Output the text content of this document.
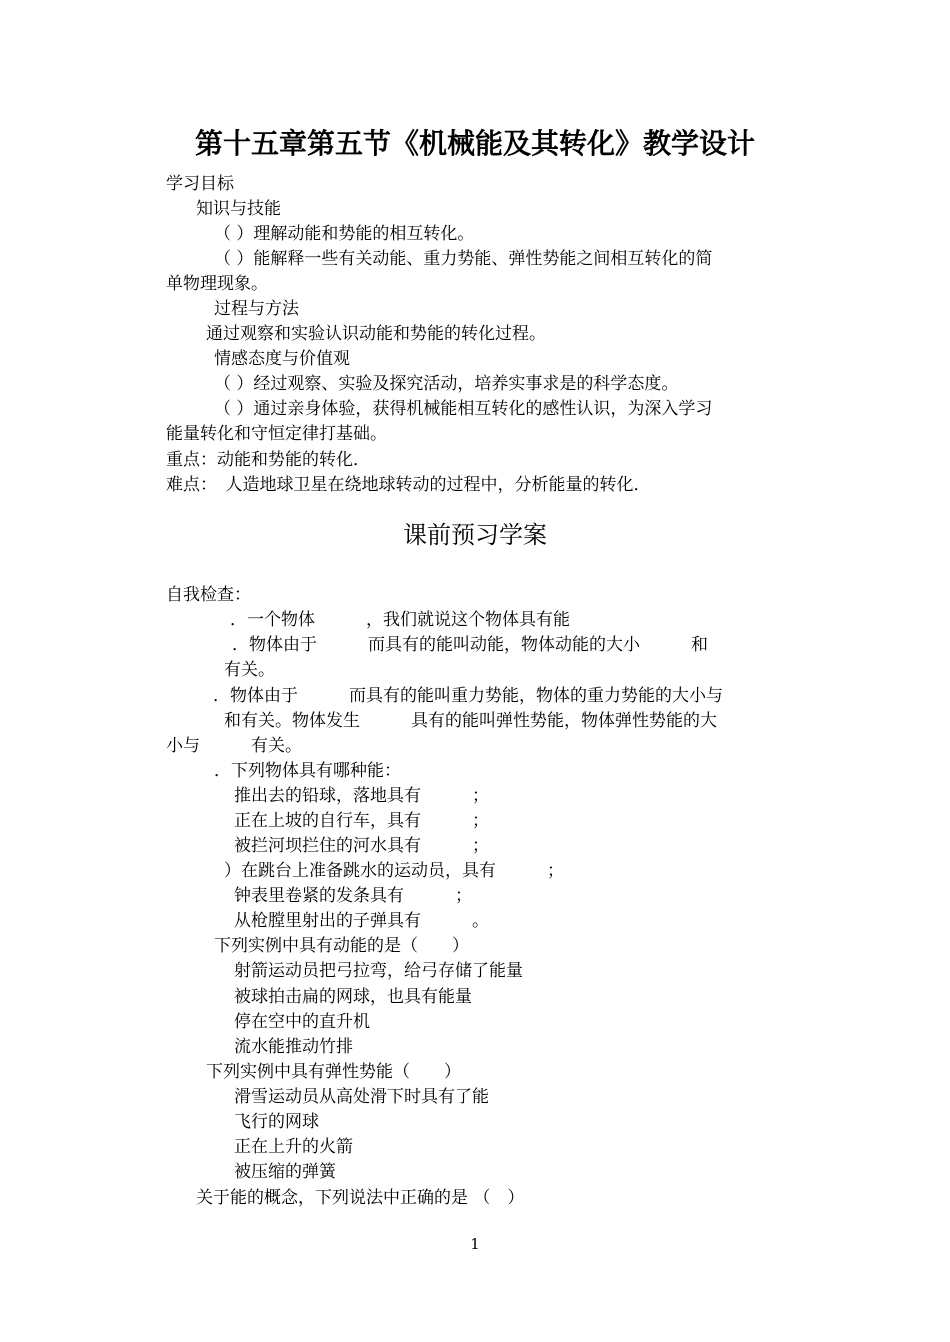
第十五章第五节《机械能及其转化》教学设计
课前预习学案
学习目标
知识与技能
（ ）理解动能和势能的相互转化。
（ ）能解释一些有关动能、重力势能、弹性势能之间相互转化的简
单物理现象。
过程与方法
通过观察和实验认识动能和势能的转化过程。
情感态度与价值观
（ ）经过观察、实验及探究活动，培养实事求是的科学态度。
（ ）通过亲身体验，获得机械能相互转化的感性认识，为深入学习
能量转化和守恒定律打基础。
重点：动能和势能的转化．
难点：　人造地球卫星在绕地球转动的过程中，分析能量的转化．
自我检查：
．一个物体　　　，我们就说这个物体具有能
．物体由于　　　而具有的能叫动能，物体动能的大小　　　和
有关。
．物体由于　　　而具有的能叫重力势能，物体的重力势能的大小与
和有关。物体发生　　　具有的能叫弹性势能，物体弹性势能的大
小与　　　有关。
．下列物体具有哪种能：
推出去的铅球，落地具有　　　；
正在上坡的自行车，具有　　　；
被拦河坝拦住的河水具有　　　；
）在跳台上准备跳水的运动员，具有　　　；
钟表里卷紧的发条具有　　　；
从枪膛里射出的子弹具有　　　。
下列实例中具有动能的是（　　）
射箭运动员把弓拉弯，给弓存储了能量
被球拍击扁的网球，也具有能量
停在空中的直升机
流水能推动竹排
下列实例中具有弹性势能（　　）
滑雪运动员从高处滑下时具有了能
飞行的网球
正在上升的火箭
被压缩的弹簧
关于能的概念，下列说法中正确的是 （　）
1
